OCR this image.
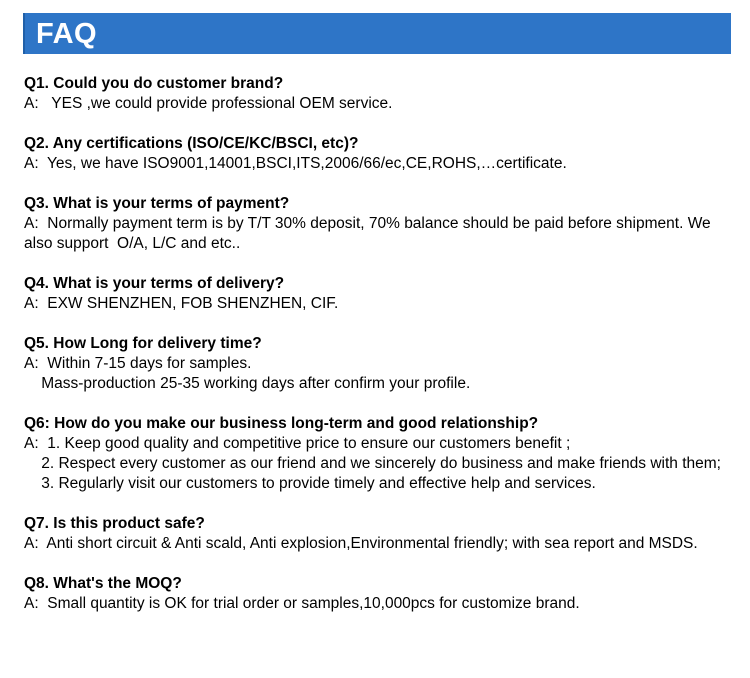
FAQ
Q1. Could you do customer brand?
A:   YES ,we could provide professional OEM service.
Q2. Any certifications (ISO/CE/KC/BSCI, etc)?
A:  Yes, we have ISO9001,14001,BSCI,ITS,2006/66/ec,CE,ROHS,…certificate.
Q3. What is your terms of payment?
A:  Normally payment term is by T/T 30% deposit, 70% balance should be paid before shipment. We
also support  O/A, L/C and etc..
Q4. What is your terms of delivery?
A:  EXW SHENZHEN, FOB SHENZHEN, CIF.
Q5. How Long for delivery time?
A:  Within 7-15 days for samples.
Mass-production 25-35 working days after confirm your profile.
Q6: How do you make our business long-term and good relationship?
A:  1. Keep good quality and competitive price to ensure our customers benefit ;
2. Respect every customer as our friend and we sincerely do business and make friends with them;
3. Regularly visit our customers to provide timely and effective help and services.
Q7. Is this product safe?
A:  Anti short circuit & Anti scald, Anti explosion,Environmental friendly; with sea report and MSDS.
Q8. What's the MOQ?
A:  Small quantity is OK for trial order or samples,10,000pcs for customize brand.
